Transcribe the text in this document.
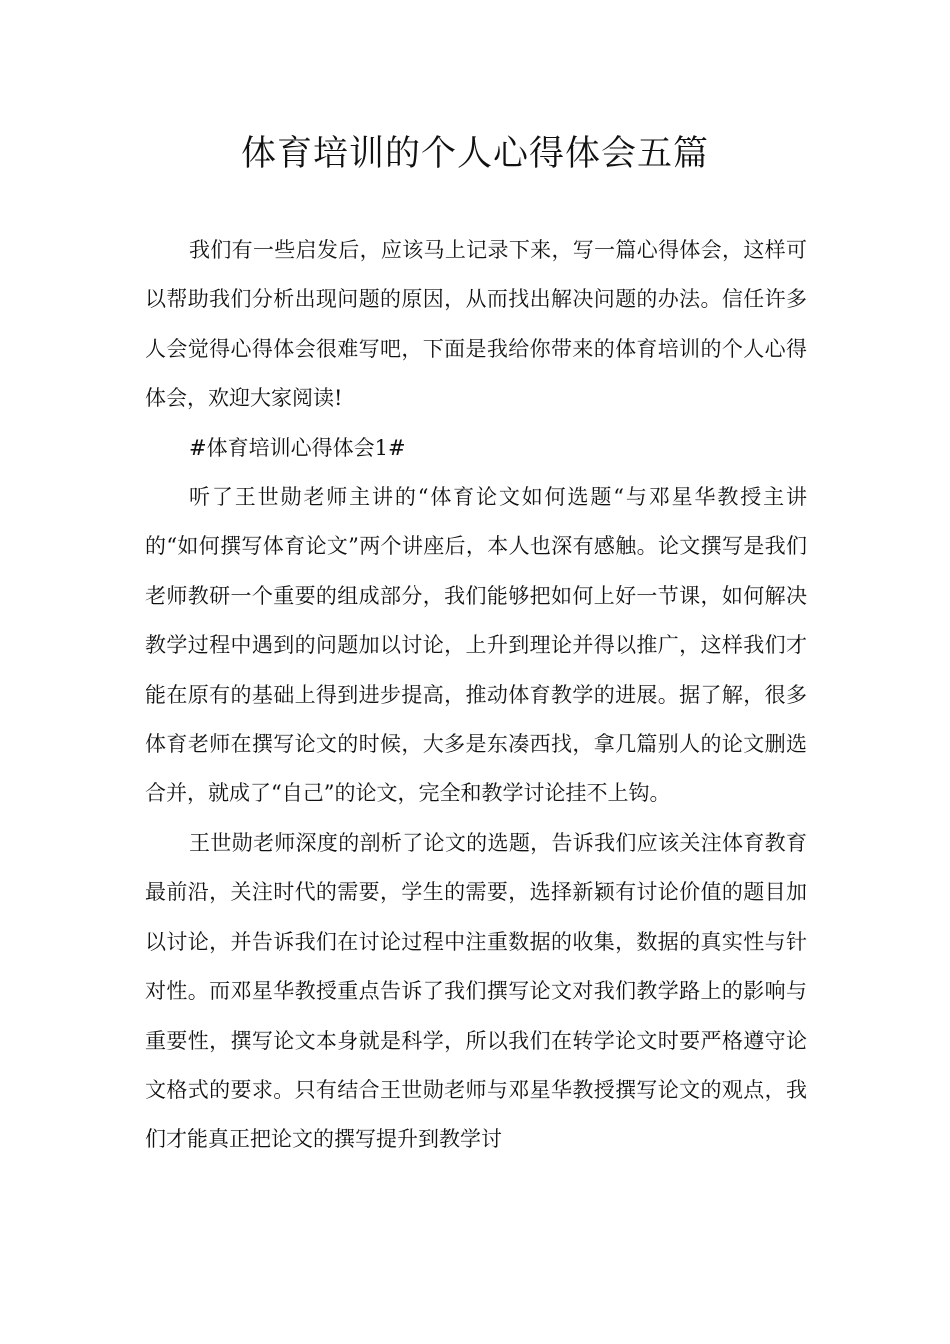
体育培训的个人心得体会五篇

我们有一些启发后，应该马上记录下来，写一篇心得体会，这样可以帮助我们分析出现问题的原因，从而找出解决问题的办法。信任许多人会觉得心得体会很难写吧，下面是我给你带来的体育培训的个人心得体会，欢迎大家阅读!

#体育培训心得体会1#

听了王世勋老师主讲的“体育论文如何选题“与邓星华教授主讲的“如何撰写体育论文”两个讲座后，本人也深有感触。论文撰写是我们老师教研一个重要的组成部分，我们能够把如何上好一节课，如何解决教学过程中遇到的问题加以讨论，上升到理论并得以推广，这样我们才能在原有的基础上得到进步提高，推动体育教学的进展。据了解，很多体育老师在撰写论文的时候，大多是东凑西找，拿几篇别人的论文删选合并，就成了“自己”的论文，完全和教学讨论挂不上钩。

王世勋老师深度的剖析了论文的选题，告诉我们应该关注体育教育最前沿，关注时代的需要，学生的需要，选择新颖有讨论价值的题目加以讨论，并告诉我们在讨论过程中注重数据的收集，数据的真实性与针对性。而邓星华教授重点告诉了我们撰写论文对我们教学路上的影响与重要性，撰写论文本身就是科学，所以我们在转学论文时要严格遵守论文格式的要求。只有结合王世勋老师与邓星华教授撰写论文的观点，我们才能真正把论文的撰写提升到教学讨
